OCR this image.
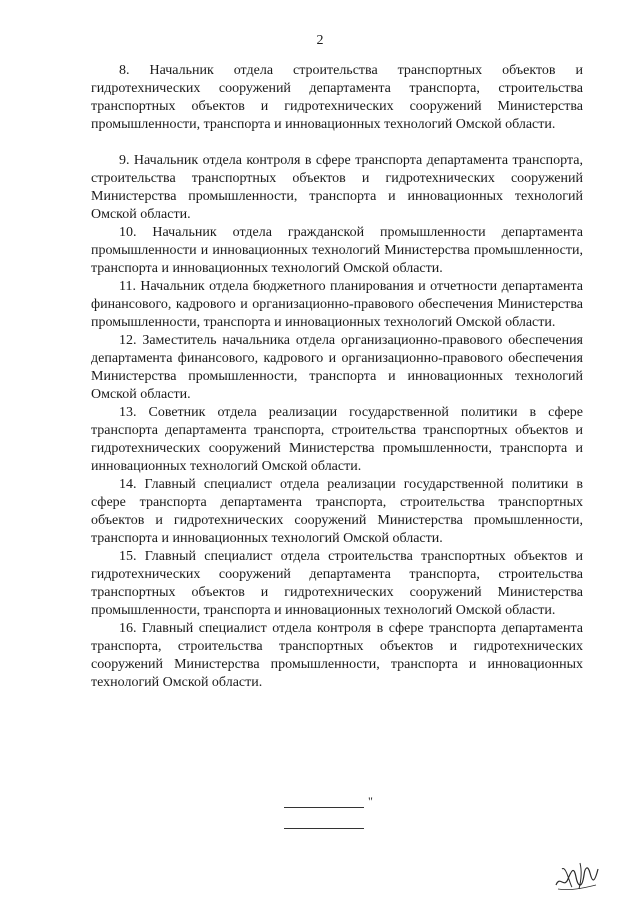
2

8. Начальник отдела строительства транспортных объектов и гидротехнических сооружений департамента транспорта, строительства транспортных объектов и гидротехнических сооружений Министерства промышленности, транспорта и инновационных технологий Омской области.

9. Начальник отдела контроля в сфере транспорта департамента транспорта, строительства транспортных объектов и гидротехнических сооружений Министерства промышленности, транспорта и инновационных технологий Омской области.

10. Начальник отдела гражданской промышленности департамента промышленности и инновационных технологий Министерства промышленности, транспорта и инновационных технологий Омской области.

11. Начальник отдела бюджетного планирования и отчетности департамента финансового, кадрового и организационно-правового обеспечения Министерства промышленности, транспорта и инновационных технологий Омской области.

12. Заместитель начальника отдела организационно-правового обеспечения департамента финансового, кадрового и организационно-правового обеспечения Министерства промышленности, транспорта и инновационных технологий Омской области.

13. Советник отдела реализации государственной политики в сфере транспорта департамента транспорта, строительства транспортных объектов и гидротехнических сооружений Министерства промышленности, транспорта и инновационных технологий Омской области.

14. Главный специалист отдела реализации государственной политики в сфере транспорта департамента транспорта, строительства транспортных объектов и гидротехнических сооружений Министерства промышленности, транспорта и инновационных технологий Омской области.

15. Главный специалист отдела строительства транспортных объектов и гидротехнических сооружений департамента транспорта, строительства транспортных объектов и гидротехнических сооружений Министерства промышленности, транспорта и инновационных технологий Омской области.

16. Главный специалист отдела контроля в сфере транспорта департамента транспорта, строительства транспортных объектов и гидротехнических сооружений Министерства промышленности, транспорта и инновационных технологий Омской области.

"
